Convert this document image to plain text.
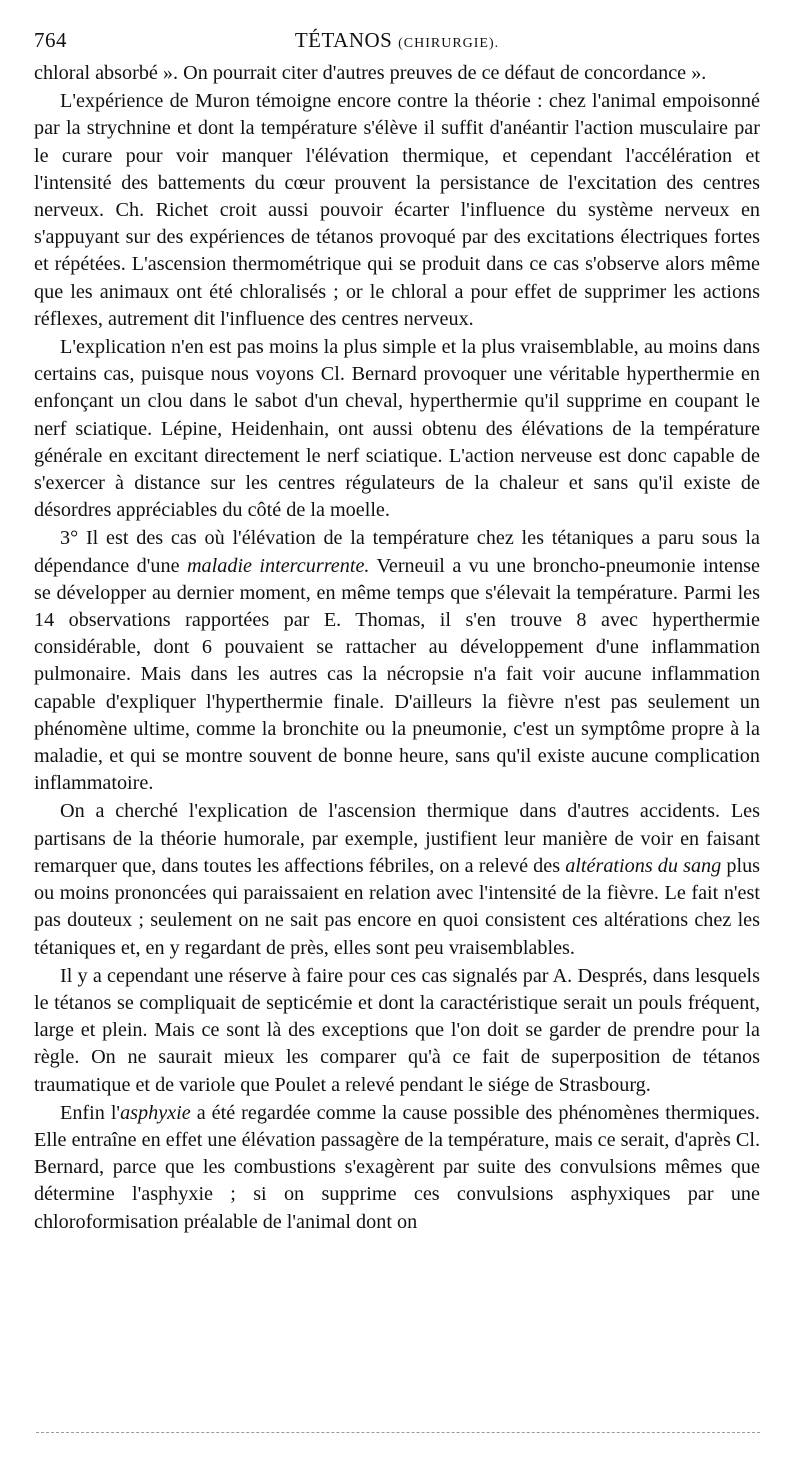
764	TÉTANOS (CHIRURGIE).

chloral absorbé ». On pourrait citer d'autres preuves de ce défaut de concordance ».

L'expérience de Muron témoigne encore contre la théorie : chez l'animal empoisonné par la strychnine et dont la température s'élève il suffit d'anéantir l'action musculaire par le curare pour voir manquer l'élévation thermique, et cependant l'accélération et l'intensité des battements du cœur prouvent la persistance de l'excitation des centres nerveux. Ch. Richet croit aussi pouvoir écarter l'influence du système nerveux en s'appuyant sur des expériences de tétanos provoqué par des excitations électriques fortes et répétées. L'ascension thermométrique qui se produit dans ce cas s'observe alors même que les animaux ont été chloralisés ; or le chloral a pour effet de supprimer les actions réflexes, autrement dit l'influence des centres nerveux.

L'explication n'en est pas moins la plus simple et la plus vraisemblable, au moins dans certains cas, puisque nous voyons Cl. Bernard provoquer une véritable hyperthermie en enfonçant un clou dans le sabot d'un cheval, hyperthermie qu'il supprime en coupant le nerf sciatique. Lépine, Heidenhain, ont aussi obtenu des élévations de la température générale en excitant directement le nerf sciatique. L'action nerveuse est donc capable de s'exercer à distance sur les centres régulateurs de la chaleur et sans qu'il existe de désordres appréciables du côté de la moelle.

3° Il est des cas où l'élévation de la température chez les tétaniques a paru sous la dépendance d'une maladie intercurrente. Verneuil a vu une broncho-pneumonie intense se développer au dernier moment, en même temps que s'élevait la température. Parmi les 14 observations rapportées par E. Thomas, il s'en trouve 8 avec hyperthermie considérable, dont 6 pouvaient se rattacher au développement d'une inflammation pulmonaire. Mais dans les autres cas la nécropsie n'a fait voir aucune inflammation capable d'expliquer l'hyperthermie finale. D'ailleurs la fièvre n'est pas seulement un phénomène ultime, comme la bronchite ou la pneumonie, c'est un symptôme propre à la maladie, et qui se montre souvent de bonne heure, sans qu'il existe aucune complication inflammatoire.

On a cherché l'explication de l'ascension thermique dans d'autres accidents. Les partisans de la théorie humorale, par exemple, justifient leur manière de voir en faisant remarquer que, dans toutes les affections fébriles, on a relevé des altérations du sang plus ou moins prononcées qui paraissaient en relation avec l'intensité de la fièvre. Le fait n'est pas douteux ; seulement on ne sait pas encore en quoi consistent ces altérations chez les tétaniques et, en y regardant de près, elles sont peu vraisemblables.

Il y a cependant une réserve à faire pour ces cas signalés par A. Després, dans lesquels le tétanos se compliquait de septicémie et dont la caractéristique serait un pouls fréquent, large et plein. Mais ce sont là des exceptions que l'on doit se garder de prendre pour la règle. On ne saurait mieux les comparer qu'à ce fait de superposition de tétanos traumatique et de variole que Poulet a relevé pendant le siége de Strasbourg.

Enfin l'asphyxie a été regardée comme la cause possible des phénomènes thermiques. Elle entraîne en effet une élévation passagère de la température, mais ce serait, d'après Cl. Bernard, parce que les combustions s'exagèrent par suite des convulsions mêmes que détermine l'asphyxie ; si on supprime ces convulsions asphyxiques par une chloroformisation préalable de l'animal dont on
